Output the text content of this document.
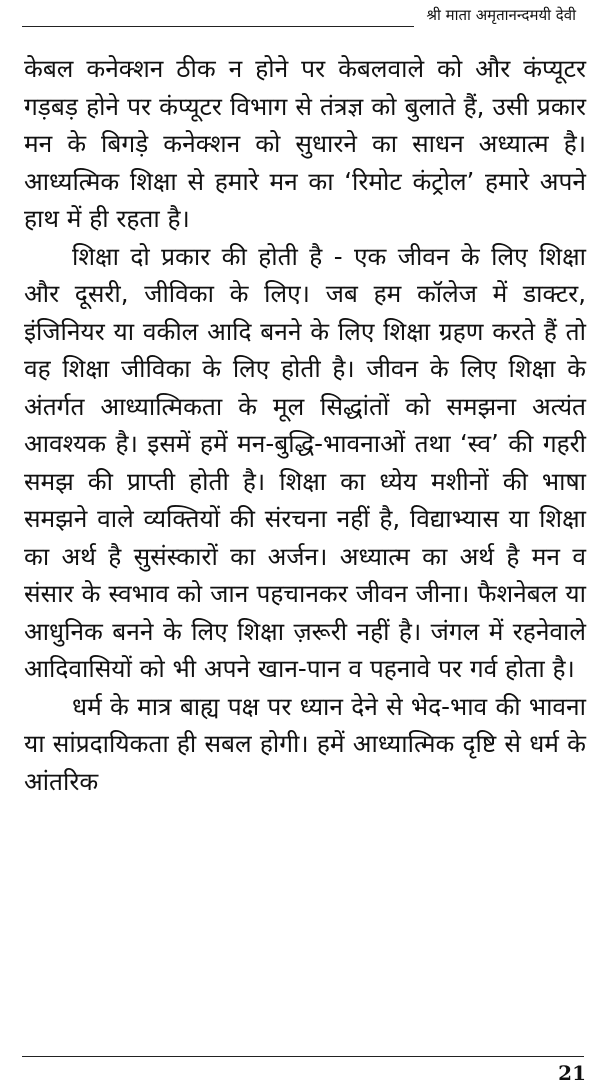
श्री माता अमृतानन्दमयी देवी

केबल कनेक्शन ठीक न होने पर केबलवाले को और कंप्यूटर गड़बड़ होने पर कंप्यूटर विभाग से तंत्रज्ञ को बुलाते हैं, उसी प्रकार मन के बिगड़े कनेक्शन को सुधारने का साधन अध्यात्म है। आध्यत्मिक शिक्षा से हमारे मन का ‘रिमोट कंट्रोल’ हमारे अपने हाथ में ही रहता है।

शिक्षा दो प्रकार की होती है - एक जीवन के लिए शिक्षा और दूसरी, जीविका के लिए। जब हम कॉलेज में डाक्टर, इंजिनियर या वकील आदि बनने के लिए शिक्षा ग्रहण करते हैं तो वह शिक्षा जीविका के लिए होती है। जीवन के लिए शिक्षा के अंतर्गत आध्यात्मिकता के मूल सिद्धांतों को समझना अत्यंत आवश्यक है। इसमें हमें मन-बुद्धि-भावनाओं तथा ‘स्व’ की गहरी समझ की प्राप्ती होती है। शिक्षा का ध्येय मशीनों की भाषा समझने वाले व्यक्तियों की संरचना नहीं है, विद्याभ्यास या शिक्षा का अर्थ है सुसंस्कारों का अर्जन। अध्यात्म का अर्थ है मन व संसार के स्वभाव को जान पहचानकर जीवन जीना। फैशनेबल या आधुनिक बनने के लिए शिक्षा ज़रूरी नहीं है। जंगल में रहनेवाले आदिवासियों को भी अपने खान-पान व पहनावे पर गर्व होता है।

धर्म के मात्र बाह्य पक्ष पर ध्यान देने से भेद-भाव की भावना या सांप्रदायिकता ही सबल होगी। हमें आध्यात्मिक दृष्टि से धर्म के आंतरिक

21
